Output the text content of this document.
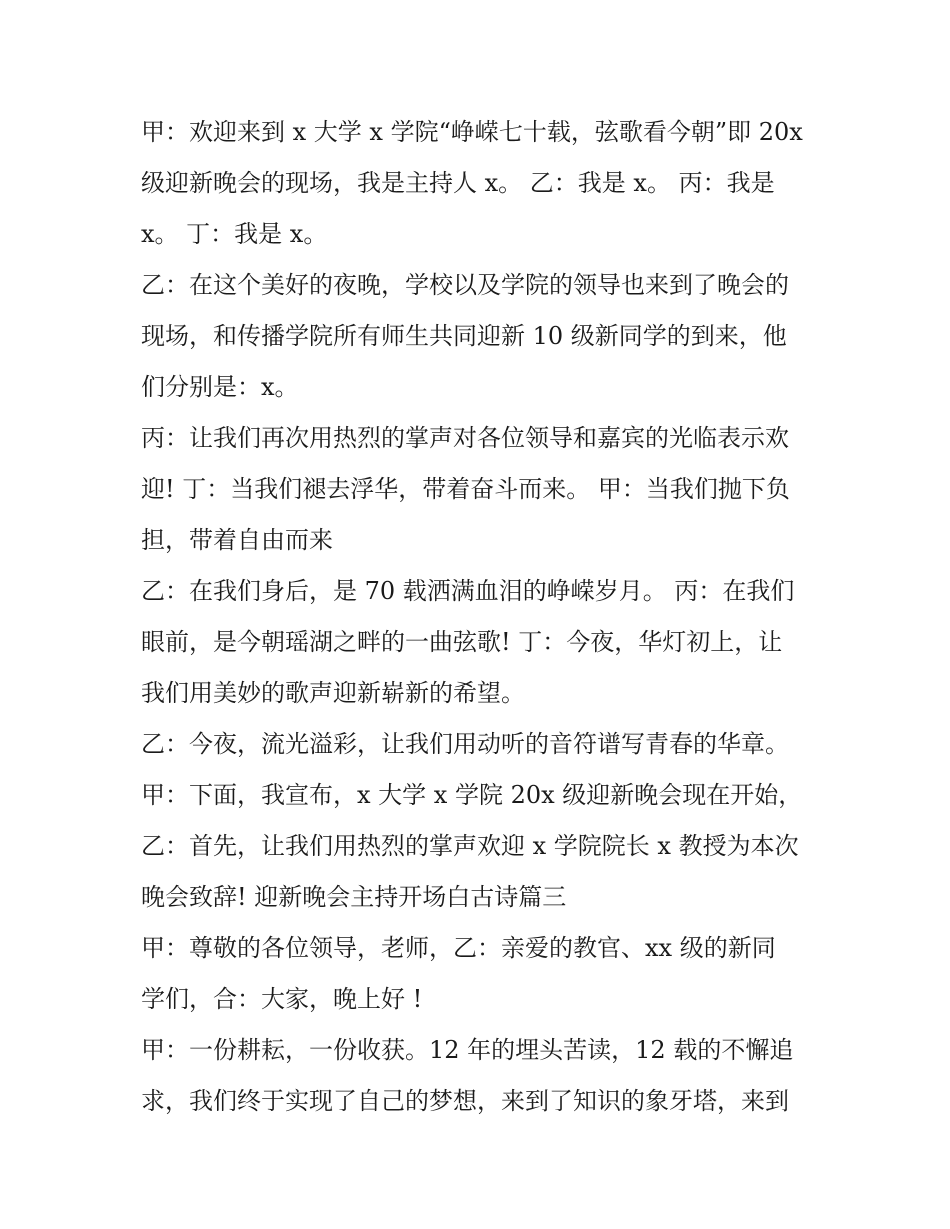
甲：欢迎来到 x 大学 x 学院“峥嵘七十载，弦歌看今朝”即 20x
级迎新晚会的现场，我是主持人 x。 乙：我是 x。 丙：我是
x。 丁：我是 x。

乙：在这个美好的夜晚，学校以及学院的领导也来到了晚会的
现场，和传播学院所有师生共同迎新 10 级新同学的到来，他
们分别是：x。

丙：让我们再次用热烈的掌声对各位领导和嘉宾的光临表示欢
迎! 丁：当我们褪去浮华，带着奋斗而来。 甲：当我们抛下负
担，带着自由而来

乙：在我们身后，是 70 载洒满血泪的峥嵘岁月。 丙：在我们
眼前，是今朝瑶湖之畔的一曲弦歌! 丁：今夜，华灯初上，让
我们用美妙的歌声迎新崭新的希望。

乙：今夜，流光溢彩，让我们用动听的音符谱写青春的华章。

甲：下面，我宣布，x 大学 x 学院 20x 级迎新晚会现在开始，

乙：首先，让我们用热烈的掌声欢迎 x 学院院长 x 教授为本次
晚会致辞! 迎新晚会主持开场白古诗篇三

甲：尊敬的各位领导，老师，乙：亲爱的教官、xx 级的新同
学们，合：大家，晚上好 !

甲：一份耕耘，一份收获。12 年的埋头苦读，12 载的不懈追
求，我们终于实现了自己的梦想，来到了知识的象牙塔，来到
